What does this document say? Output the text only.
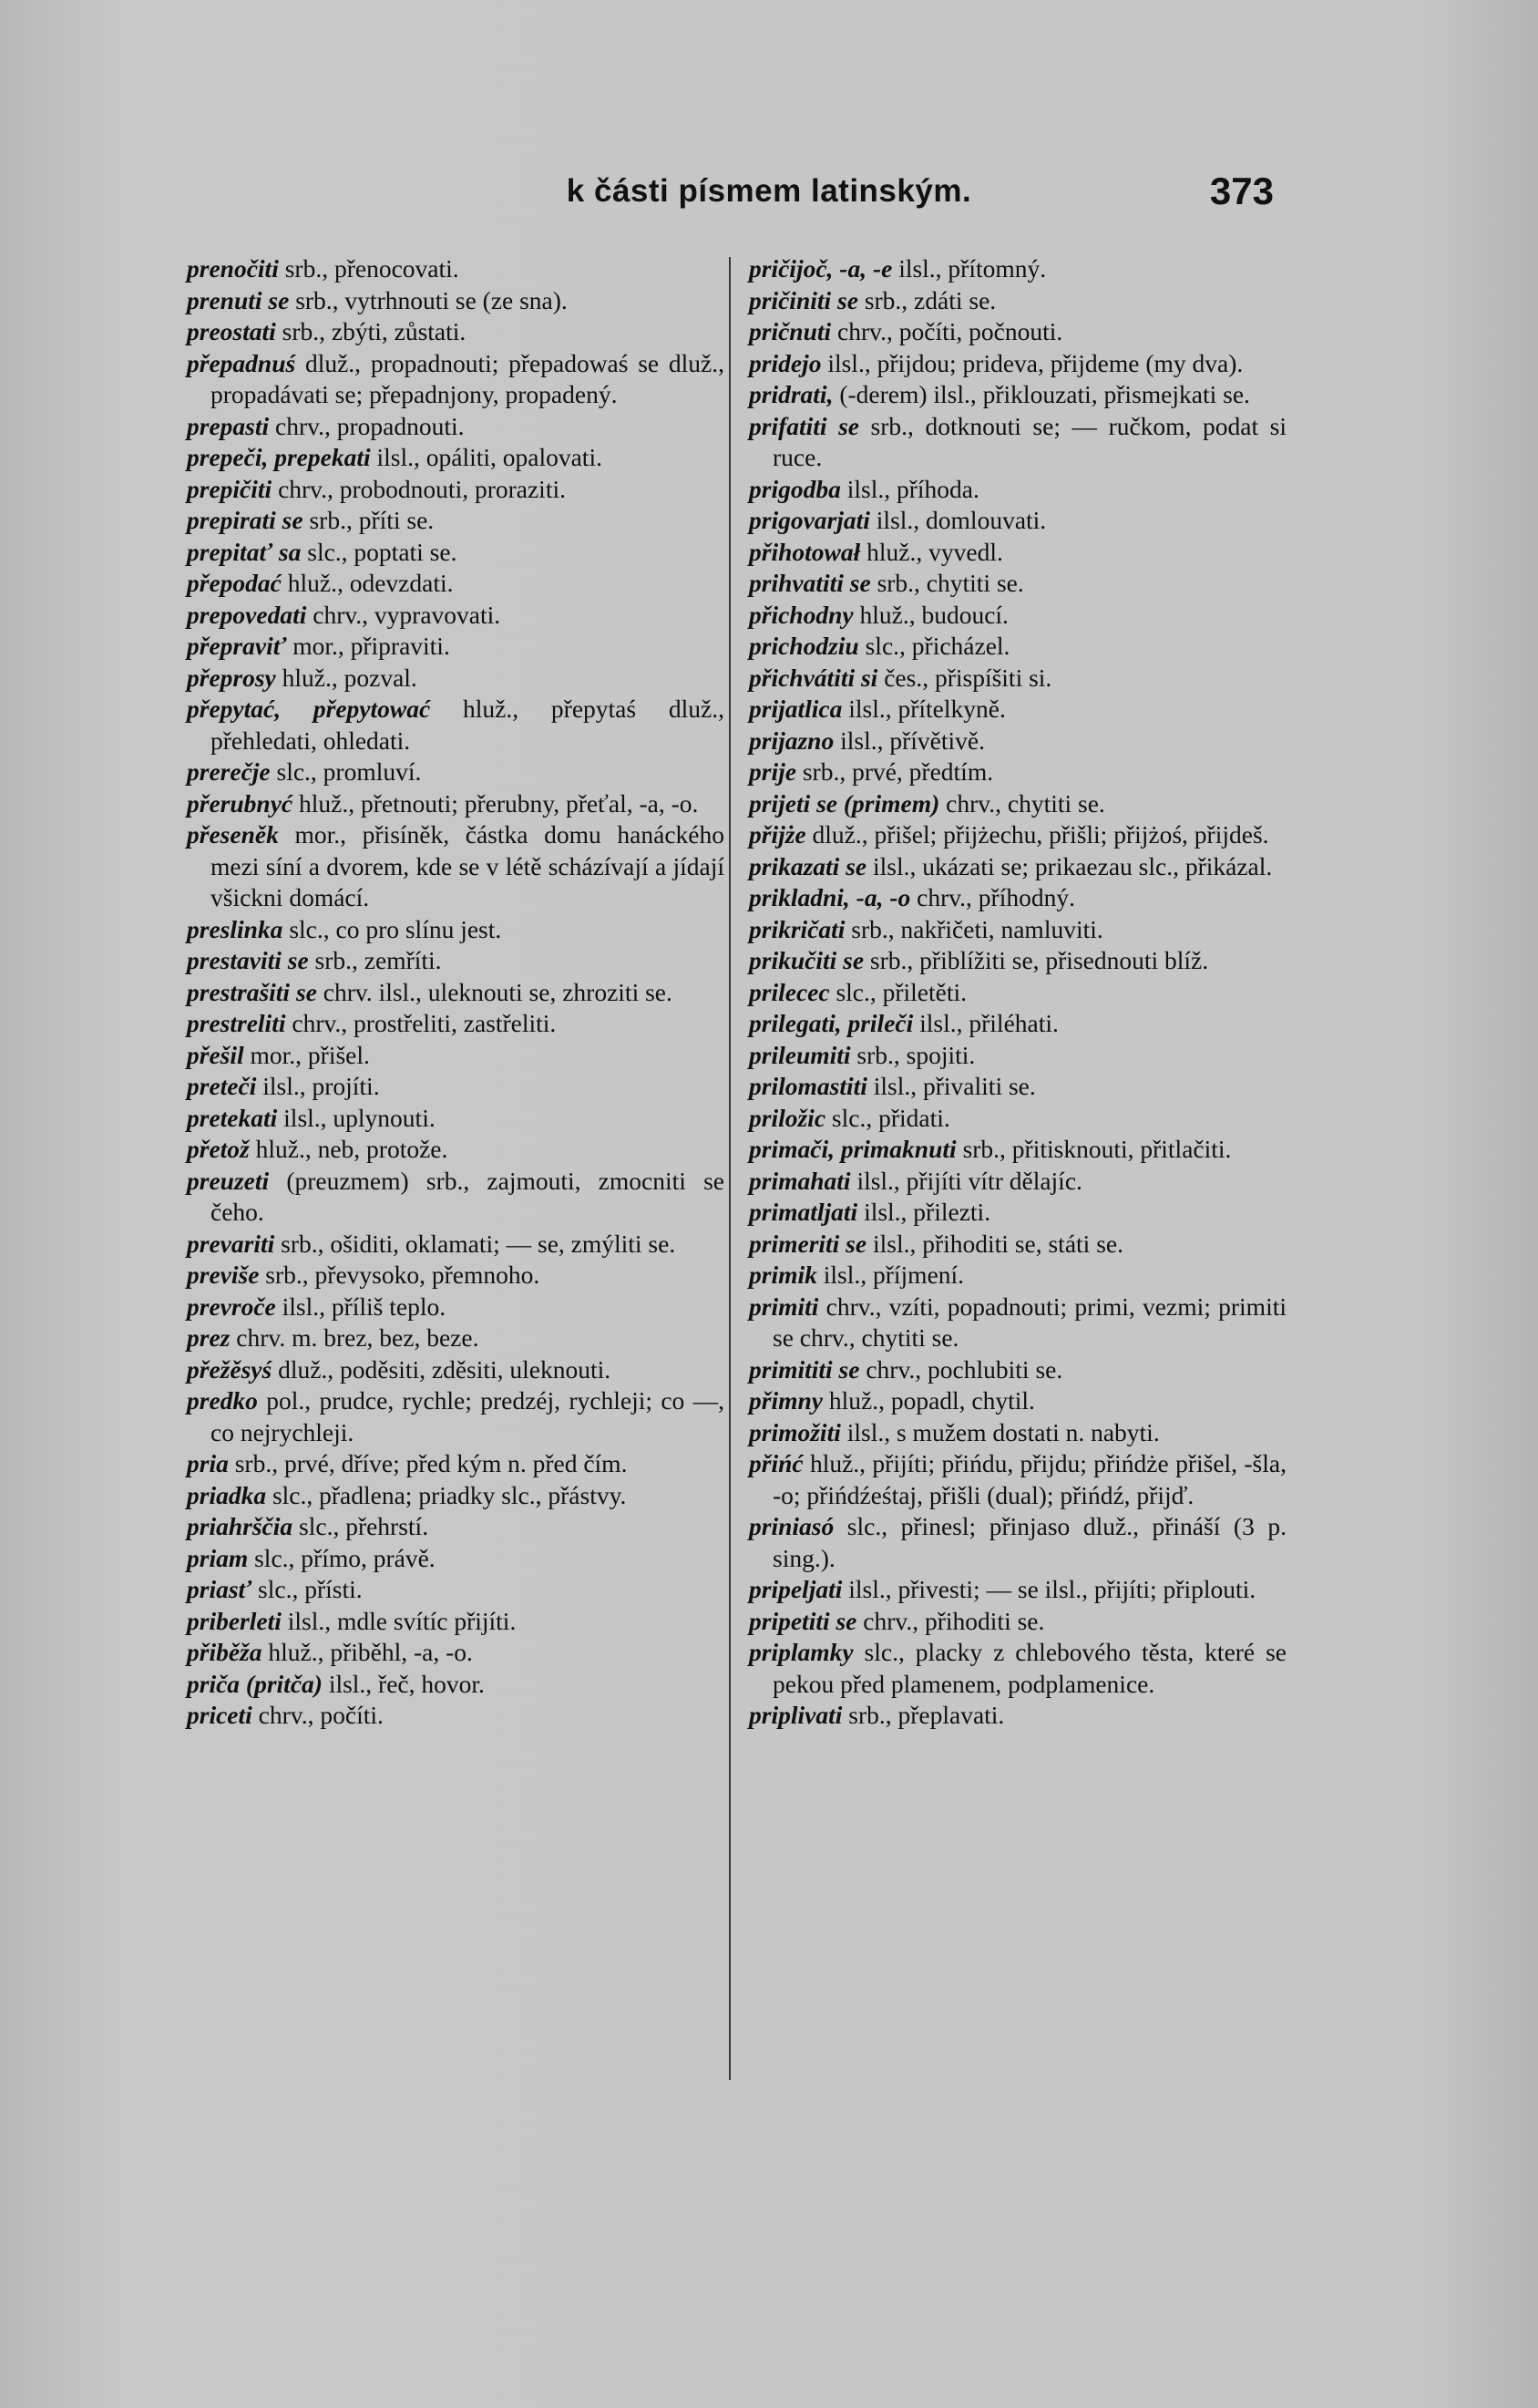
k části písmem latinským.	373

prenočiti srb., přenocovati.

prenuti se srb., vytrhnouti se (ze sna).

preostati srb., zbýti, zůstati.

přepadnuś dluž., propadnouti; přepadowaś se dluž., propadávati se; přepadnjony, propadený.

prepasti chrv., propadnouti.

prepeči, prepekati ilsl., opáliti, opalovati.

prepičiti chrv., probodnouti, proraziti.

prepirati se srb., příti se.

prepitať sa slc., poptati se.

přepodać hluž., odevzdati.

prepovedati chrv., vypravovati.

přepraviť mor., připraviti.

přeprosy hluž., pozval.

přepytać, přepytować hluž., přepytaś dluž., přehledati, ohledati.

prerečje slc., promluví.

přerubnyć hluž., přetnouti; přerubny, přeťal, -a, -o.

přeseněk mor., přisíněk, částka domu hanáckého mezi síní a dvorem, kde se v létě scházívají a jídají všickni domácí.

preslinka slc., co pro slínu jest.

prestaviti se srb., zemříti.

prestrašiti se chrv. ilsl., uleknouti se, zhroziti se.

prestreliti chrv., prostřeliti, zastřeliti.

přešil mor., přišel.

preteči ilsl., projíti.

pretekati ilsl., uplynouti.

přetož hluž., neb, protože.

preuzeti (preuzmem) srb., zajmouti, zmocniti se čeho.

prevariti srb., ošiditi, oklamati; — se, zmýliti se.

previše srb., převysoko, přemnoho.

prevroče ilsl., příliš teplo.

prez chrv. m. brez, bez, beze.

přežěsyś dluž., poděsiti, zděsiti, uleknouti.

predko pol., prudce, rychle; predzéj, rychleji; co —, co nejrychleji.

pria srb., prvé, dříve; před kým n. před čím.

priadka slc., přadlena; priadky slc., přástvy.

priahrščia slc., přehrstí.

priam slc., přímo, právě.

priasť slc., přísti.

priberleti ilsl., mdle svítíc přijíti.

přiběža hluž., přiběhl, -a, -o.

priča (pritča) ilsl., řeč, hovor.

priceti chrv., počíti.

pričijoč, -a, -e ilsl., přítomný.

pričiniti se srb., zdáti se.

pričnuti chrv., počíti, počnouti.

pridejo ilsl., přijdou; prideva, přijdeme (my dva).

pridrati, (-derem) ilsl., přiklouzati, přismejkati se.

prifatiti se srb., dotknouti se; — ručkom, podat si ruce.

prigodba ilsl., příhoda.

prigovarjati ilsl., domlouvati.

přihotował hluž., vyvedl.

prihvatiti se srb., chytiti se.

přichodny hluž., budoucí.

prichodziu slc., přicházel.

přichvátiti si čes., přispíšiti si.

prijatlica ilsl., přítelkyně.

prijazno ilsl., přívětivě.

prije srb., prvé, předtím.

prijeti se (primem) chrv., chytiti se.

přijże dluž., přišel; přijżechu, přišli; přijżoś, přijdeš.

prikazati se ilsl., ukázati se; prikaezau slc., přikázal.

prikladni, -a, -o chrv., příhodný.

prikričati srb., nakřičeti, namluviti.

prikučiti se srb., přiblížiti se, přisednouti blíž.

prilecec slc., přiletěti.

prilegati, prileči ilsl., přiléhati.

prileumiti srb., spojiti.

prilomastiti ilsl., přivaliti se.

priložic slc., přidati.

primači, primaknuti srb., přitisknouti, přitlačiti.

primahati ilsl., přijíti vítr dělajíc.

primatljati ilsl., přilezti.

primeriti se ilsl., přihoditi se, státi se.

primik ilsl., příjmení.

primiti chrv., vzíti, popadnouti; primi, vezmi; primiti se chrv., chytiti se.

primititi se chrv., pochlubiti se.

přimny hluž., popadl, chytil.

primožiti ilsl., s mužem dostati n. nabyti.

přińć hluž., přijíti; přińdu, přijdu; přińdże přišel, -šla, -o; přińdźeśtaj, přišli (dual); přińdź, přijď.

priniasó slc., přinesl; přinjaso dluž., přináší (3 p. sing.).

pripeljati ilsl., přivesti; — se ilsl., přijíti; připlouti.

pripetiti se chrv., přihoditi se.

priplamky slc., placky z chlebového těsta, které se pekou před plamenem, podplamenice.

priplivati srb., přeplavati.
